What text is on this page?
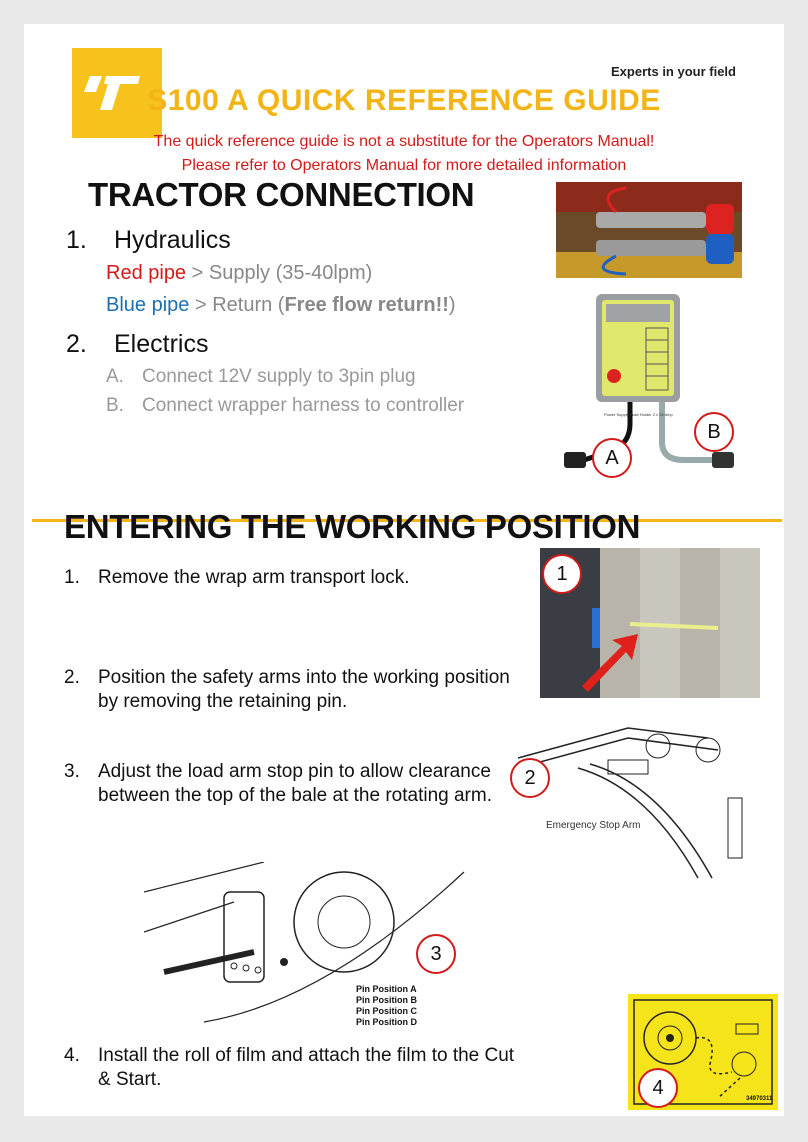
Experts in your field
S100 A QUICK REFERENCE GUIDE
The quick reference guide is not a substitute for the Operators Manual!
Please refer to Operators Manual for more detailed information
TRACTOR CONNECTION
1. Hydraulics
Red pipe > Supply (35-40lpm)
Blue pipe > Return (Free flow return!!)
2. Electrics
A. Connect 12V supply to 3pin plug
B. Connect wrapper harness to controller	Power Supply Fuse Holder 2 x 15 Amp
A
B
ENTERING THE WORKING POSITION
1. Remove the wrap arm transport lock.
2. Position the safety arms into the working position by removing the retaining pin.
3. Adjust the load arm stop pin to allow clearance between the top of the bale at the rotating arm.
4. Install the roll of film and attach the film to the Cut & Start.
1
Emergency Stop Arm
2
Pin Position A
Pin Position B
Pin Position C
Pin Position D
3
34970311
4
